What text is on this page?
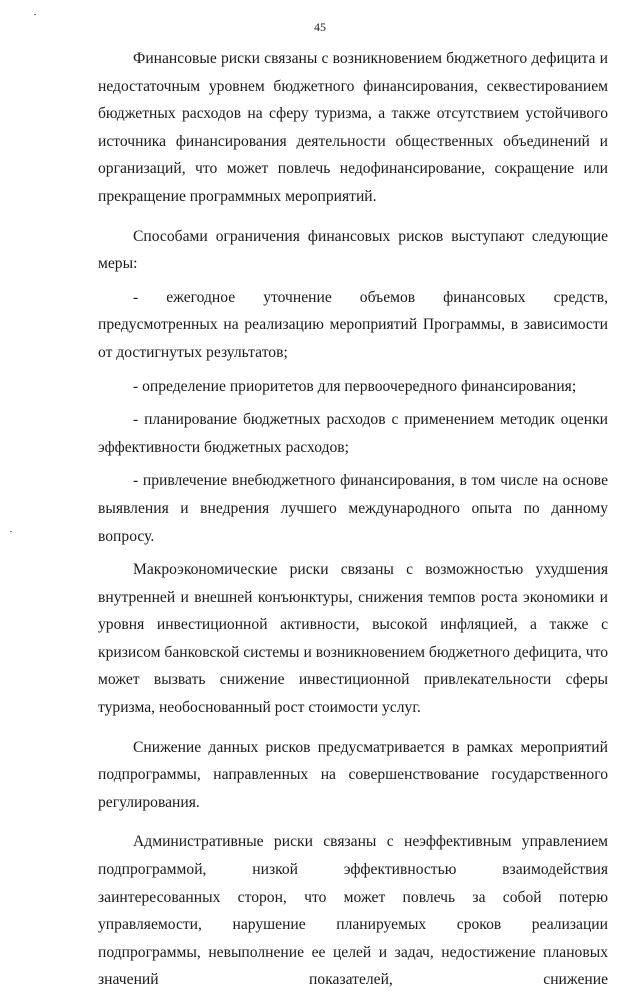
45

Финансовые риски связаны с возникновением бюджетного дефицита и недостаточным уровнем бюджетного финансирования, секвестированием бюджетных расходов на сферу туризма, а также отсутствием устойчивого источника финансирования деятельности общественных объединений и организаций, что может повлечь недофинансирование, сокращение или прекращение программных мероприятий.

Способами ограничения финансовых рисков выступают следующие меры:

- ежегодное уточнение объемов финансовых средств, предусмотренных на реализацию мероприятий Программы, в зависимости от достигнутых результатов;

- определение приоритетов для первоочередного финансирования;

- планирование бюджетных расходов с применением методик оценки эффективности бюджетных расходов;

- привлечение внебюджетного финансирования, в том числе на основе выявления и внедрения лучшего международного опыта по данному вопросу.

Макроэкономические риски связаны с возможностью ухудшения внутренней и внешней конъюнктуры, снижения темпов роста экономики и уровня инвестиционной активности, высокой инфляцией, а также с кризисом банковской системы и возникновением бюджетного дефицита, что может вызвать снижение инвестиционной привлекательности сферы туризма, необоснованный рост стоимости услуг.

Снижение данных рисков предусматривается в рамках мероприятий подпрограммы, направленных на совершенствование государственного регулирования.

Административные риски связаны с неэффективным управлением подпрограммой, низкой эффективностью взаимодействия заинтересованных сторон, что может повлечь за собой потерю управляемости, нарушение планируемых сроков реализации подпрограммы, невыполнение ее целей и задач, недостижение плановых значений показателей, снижение
